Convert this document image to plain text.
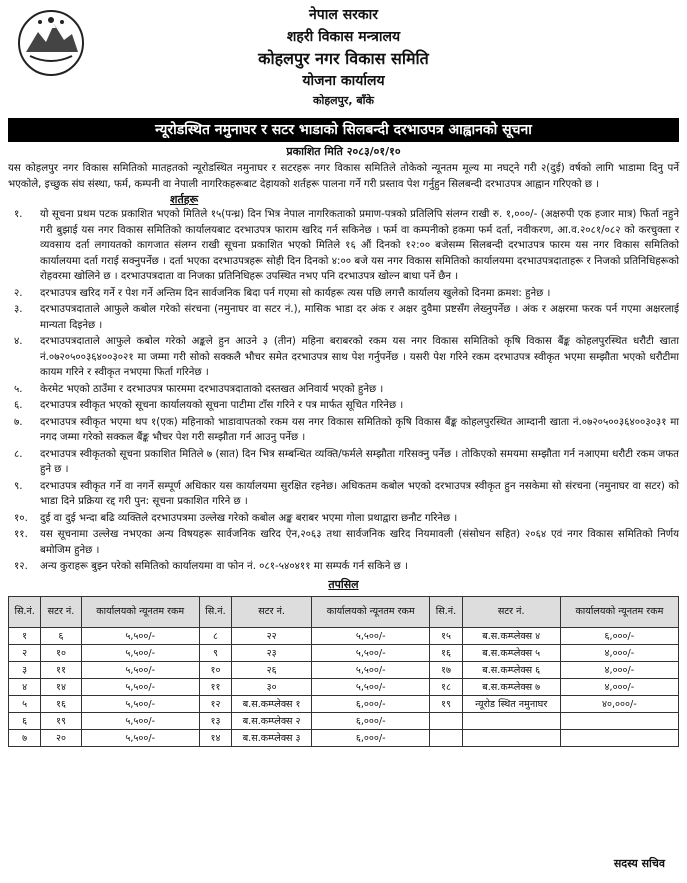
नेपाल सरकार
शहरी विकास मन्त्रालय
कोहलपुर नगर विकास समिति
योजना कार्यालय
कोहलपुर, बाँके
न्यूरोडस्थित नमुनाघर र सटर भाडाको सिलबन्दी दरभाउपत्र आह्वानको सूचना
प्रकाशित मिति २०८३/०१/१०
यस कोहलपुर नगर विकास समितिको मातहतको न्यूरोडस्थित नमुनाघर र सटरहरू नगर विकास समितिले तोकेको न्यूनतम मूल्य मा नघट्ने गरी २(दुई) वर्षको लागि भाडामा दिनु पर्ने भएकोले, इच्छुक संघ संस्था, फर्म, कम्पनी वा नेपाली नागरिकहरूबाट देहायको शर्तहरू पालना गर्ने गरी प्रस्ताव पेश गर्नुहुन सिलबन्दी दरभाउपत्र आह्वान गरिएको छ ।
शर्तहरू
१.	यो सूचना प्रथम पटक प्रकाशित भएको मितिले १५(पन्ध्र) दिन भित्र नेपाल नागरिकताको प्रमाण-पत्रको प्रतिलिपि संलग्न राखी रु. १,०००/- (अक्षरुपी एक हजार मात्र) फिर्ता नहुने गरी बुझाई यस नगर विकास समितिको कार्यालयबाट दरभाउपत्र फाराम खरिद गर्न सकिनेछ । फर्म वा कम्पनीको हकमा फर्म दर्ता, नवीकरण, आ.व.२०८१/०८२ को करचुक्ता र व्यवसाय दर्ता लगायतको कागजात संलग्न राखी सूचना प्रकाशित भएको मितिले १६ औं दिनको १२:०० बजेसम्म सिलबन्दी दरभाउपत्र फारम यस नगर विकास समितिको कार्यालयमा दर्ता गराई सक्नुपर्नेछ । दर्ता भएका दरभाउपत्रहरू सोही दिन दिनको ४:०० बजे यस नगर विकास समितिको कार्यालयमा दरभाउपत्रदाताहरू र निजको प्रतिनिधिहरूको रोहवरमा खोलिने छ । दरभाउपत्रदाता वा निजका प्रतिनिधिहरू उपस्थित नभए पनि दरभाउपत्र खोल्न बाधा पर्ने छैन ।
२.	दरभाउपत्र खरिद गर्ने र पेश गर्ने अन्तिम दिन सार्वजनिक बिदा पर्न गएमा सो कार्यहरू त्यस पछि लगत्तै कार्यालय खुलेको दिनमा क्रमश: हुनेछ ।
३.	दरभाउपत्रदाताले आफुले कबोल गरेको संरचना (नमुनाघर वा सटर नं.), मासिक भाडा दर अंक र अक्षर दुवैमा प्रष्टसँग लेख्नुपर्नेछ । अंक र अक्षरमा फरक पर्न गएमा अक्षरलाई मान्यता दिइनेछ ।
४.	दरभाउपत्रदाताले आफुले कबोल गरेको अङ्कले हुन आउने ३ (तीन) महिना बराबरको रकम यस नगर विकास समितिको कृषि विकास बैंङ्क कोहलपुरस्थित धरौटी खाता नं.०७२०५००३६४००३०२१ मा जम्मा गरी सोको सक्कलै भौचर समेत दरभाउपत्र साथ पेश गर्नुपर्नेछ । यसरी पेश गरिने रकम दरभाउपत्र स्वीकृत भएमा सम्झौता भएको धरौटीमा कायम गरिने र स्वीकृत नभएमा फिर्ता गरिनेछ ।
५.	केरमेट भएको ठाउँमा र दरभाउपत्र फारममा दरभाउपत्रदाताको दस्तखत अनिवार्य भएको हुनेछ ।
६.	दरभाउपत्र स्वीकृत भएको सूचना कार्यालयको सूचना पाटीमा टाँस गरिने र पत्र मार्फत सूचित गरिनेछ ।
७.	दरभाउपत्र स्वीकृत भएमा थप १(एक) महिनाको भाडावापतको रकम यस नगर विकास समितिको कृषि विकास बैंङ्क कोहलपुरस्थित आम्दानी खाता नं.०७२०५००३६४००३०३१ मा नगद जम्मा गरेको सक्कल बैंङ्क भौचर पेश गरी सम्झौता गर्न आउनु पर्नेछ ।
८.	दरभाउपत्र स्वीकृतको सूचना प्रकाशित मितिले ७ (सात) दिन भित्र सम्बन्धित व्यक्ति/फर्मले सम्झौता गरिसक्नु पर्नेछ । तोकिएको समयमा सम्झौता गर्न नआएमा धरौटी रकम जफत हुने छ ।
९.	दरभाउपत्र स्वीकृत गर्ने वा नगर्ने सम्पूर्ण अधिकार यस कार्यालयमा सुरक्षित रहनेछ। अधिकतम कबोल भएको दरभाउपत्र स्वीकृत हुन नसकेमा सो संरचना (नमुनाघर वा सटर) को भाडा दिने प्रक्रिया रद्द गरी पुन: सूचना प्रकाशित गरिने छ ।
१०.	दुई वा दुई भन्दा बढि व्यक्तिले दरभाउपत्रमा उल्लेख गरेको कबोल अङ्क बराबर भएमा गोला प्रथाद्वारा छनौट गरिनेछ ।
११.	यस सूचनामा उल्लेख नभएका अन्य विषयहरू सार्वजनिक खरिद ऐन,२०६३ तथा सार्वजनिक खरिद नियमावली (संसोधन सहित) २०६४ एवं नगर विकास समितिको निर्णय बमोजिम हुनेछ ।
१२.	अन्य कुराहरू बुझ्न परेको समितिको कार्यालयमा वा फोन नं. ०८१-५४०४११ मा सम्पर्क गर्न सकिने छ ।
तपसिल
सि.नं.	सटर नं.	कार्यालयको न्यूनतम रकम	सि.नं.	सटर नं.	कार्यालयको न्यूनतम रकम	सि.नं.	सटर नं.	कार्यालयको न्यूनतम रकम
१	६	५,५००/-	८	२२	५,५००/-	१५	ब.स.कम्प्लेक्स ४	६,०००/-
२	१०	५,५००/-	९	२३	५,५००/-	१६	ब.स.कम्प्लेक्स ५	४,०००/-
३	११	५,५००/-	१०	२६	५,५००/-	१७	ब.स.कम्प्लेक्स ६	४,०००/-
४	१४	५,५००/-	११	३०	५,५००/-	१८	ब.स.कम्प्लेक्स ७	४,०००/-
५	१६	५,५००/-	१२	ब.स.कम्प्लेक्स १	६,०००/-	१९	न्यूरोड स्थित नमुनाघर	४०,०००/-
६	१९	५,५००/-	१३	ब.स.कम्प्लेक्स २	६,०००/-			
७	२०	५,५००/-	१४	ब.स.कम्प्लेक्स ३	६,०००/-			
सदस्य सचिव
